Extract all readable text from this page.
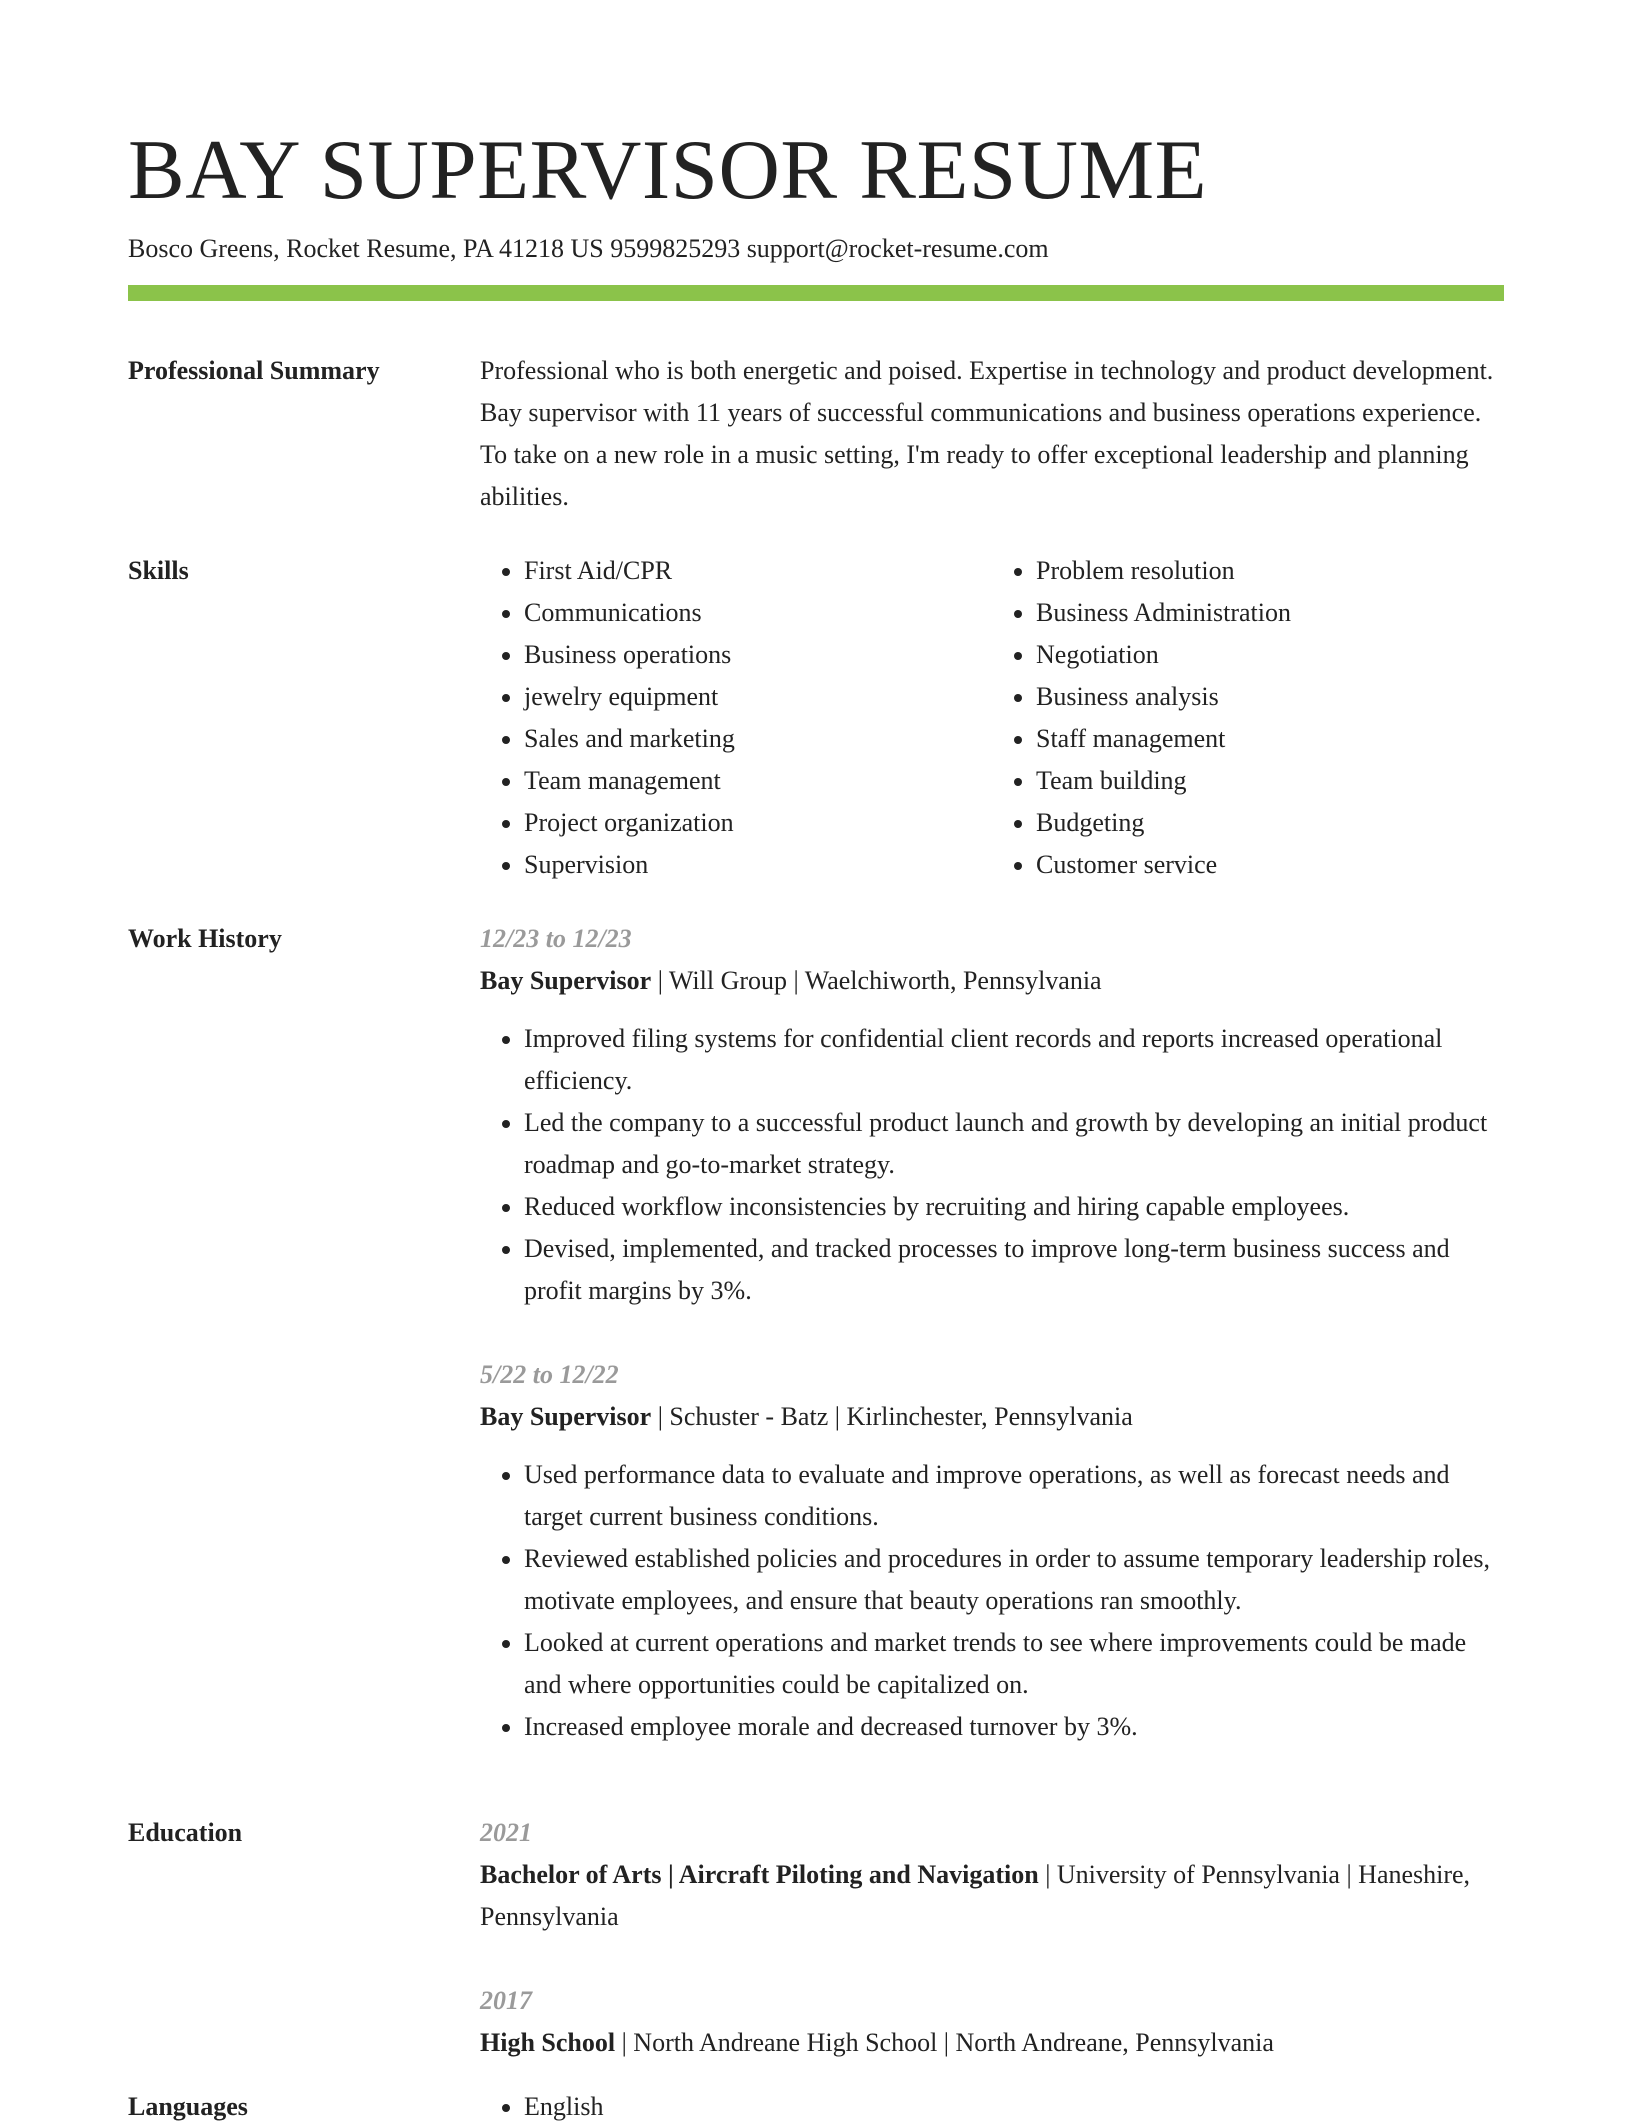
BAY SUPERVISOR RESUME
Bosco Greens, Rocket Resume, PA 41218 US 9599825293 support@rocket-resume.com
Professional Summary	Professional who is both energetic and poised. Expertise in technology and product development. Bay supervisor with 11 years of successful communications and business operations experience. To take on a new role in a music setting, I'm ready to offer exceptional leadership and planning abilities.

Skills	• First Aid/CPR
• Communications
• Business operations
• jewelry equipment
• Sales and marketing
• Team management
• Project organization
• Supervision
• Problem resolution
• Business Administration
• Negotiation
• Business analysis
• Staff management
• Team building
• Budgeting
• Customer service
Work History	12/23 to 12/23
Bay Supervisor | Will Group | Waelchiworth, Pennsylvania
• Improved filing systems for confidential client records and reports increased operational efficiency.
• Led the company to a successful product launch and growth by developing an initial product roadmap and go-to-market strategy.
• Reduced workflow inconsistencies by recruiting and hiring capable employees.
• Devised, implemented, and tracked processes to improve long-term business success and profit margins by 3%.
5/22 to 12/22
Bay Supervisor | Schuster - Batz | Kirlinchester, Pennsylvania
• Used performance data to evaluate and improve operations, as well as forecast needs and target current business conditions.
• Reviewed established policies and procedures in order to assume temporary leadership roles, motivate employees, and ensure that beauty operations ran smoothly.
• Looked at current operations and market trends to see where improvements could be made and where opportunities could be capitalized on.
• Increased employee morale and decreased turnover by 3%.
Education	2021
Bachelor of Arts | Aircraft Piloting and Navigation | University of Pennsylvania | Haneshire, Pennsylvania
2017
High School | North Andreane High School | North Andreane, Pennsylvania
Languages	• English
